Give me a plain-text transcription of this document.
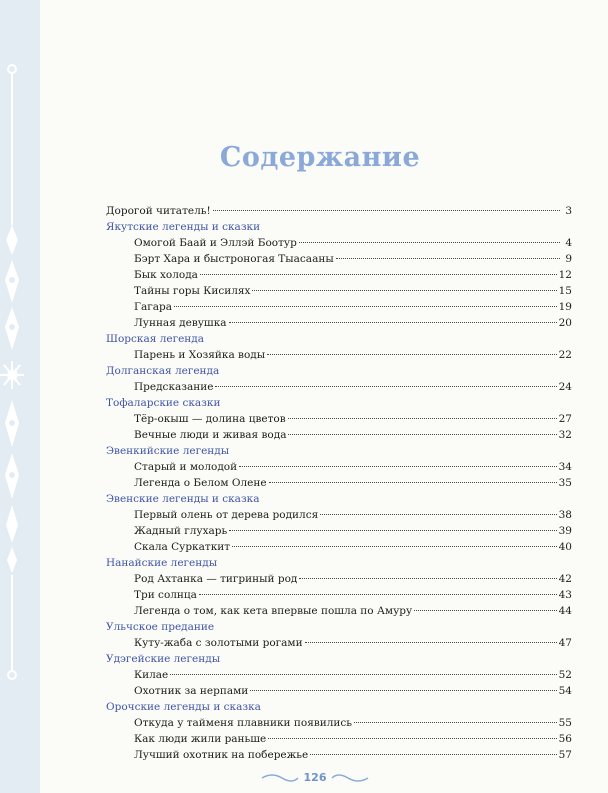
Содержание
Дорогой читатель!	3
Якутские легенды и сказки
Омогой Баай и Эллэй Боотур	4
Бэрт Хара и быстроногая Тыасааны	9
Бык холода	12
Тайны горы Кисилях	15
Гагара	19
Лунная девушка	20
Шорская легенда
Парень и Хозяйка воды	22
Долганская легенда
Предсказание	24
Тофаларские сказки
Тёр-окыш — долина цветов	27
Вечные люди и живая вода	32
Эвенкийские легенды
Старый и молодой	34
Легенда о Белом Олене	35
Эвенские легенды и сказка
Первый олень от дерева родился	38
Жадный глухарь	39
Скала Суркаткит	40
Нанайские легенды
Род Ахтанка — тигриный род	42
Три солнца	43
Легенда о том, как кета впервые пошла по Амуру	44
Ульчское предание
Куту-жаба с золотыми рогами	47
Удэгейские легенды
Килае	52
Охотник за нерпами	54
Орочские легенды и сказка
Откуда у тайменя плавники появились	55
Как люди жили раньше	56
Лучший охотник на побережье	57
126
